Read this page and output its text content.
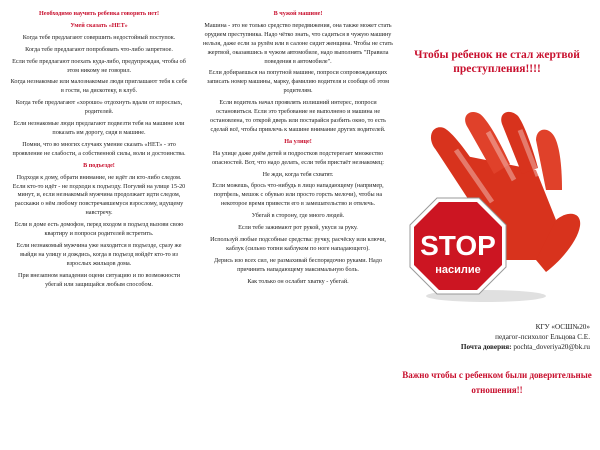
Необходимо научить ребенка говорить нет!

Умей сказать «НЕТ»

Когда тебе предлагают совершить недостойный поступок.

Когда тебе предлагают попробовать что-либо запретное.

Если тебе предлагают поехать куда-либо, предупреждая, чтобы об этом никому не говорил.

Когда незнакомые или малознакомые люди приглашают тебя к себе в гости, на дискотеку, в клуб.

Когда тебе предлагают «хорошо» отдохнуть вдали от взрослых, родителей.

Если незнакомые люди предлагают подвезти тебя на машине или показать им дорогу, сидя в машине.

Помни, что во многих случаях умение сказать «НЕТ» - это проявление не слабости, а собственной силы, воли и достоинства.

В подъезде!

Подходя к дому, обрати внимание, не идёт ли кто-либо следом. Если кто-то идёт - не подходи к подъезду. Погуляй на улице 15-20 минут, и, если незнакомый мужчина продолжает идти следом, расскажи о нём любому повстречавшемуся взрослому, идущему навстречу.

Если в доме есть домофон, перед входом в подъезд вызови свою квартиру и попроси родителей встретить.

Если незнакомый мужчина уже находится в подъезде, сразу же выйди на улицу и дождись, когда в подъезд войдёт кто-то из взрослых жильцов дома.

При внезапном нападении оцени ситуацию и по возможности убегай или защищайся любым способом.

В чужой машине!

Машина - это не только средство передвижения, она также может стать орудием преступника. Надо чётко знать, что садиться в чужую машину нельзя, даже если за рулём или в салоне сидит женщина. Чтобы не стать жертвой, оказавшись в чужом автомобиле, надо выполнять "Правила поведения в автомобиле".

Если добираешься на попутной машине, попроси сопровождающих записать номер машины, марку, фамилию водителя и сообщи об этом родителям.

Если водитель начал проявлять излишний интерес, попроси остановиться. Если это требование не выполнено и машина не остановлена, то открой дверь или постарайся разбить окно, то есть сделай всё, чтобы привлечь к машине внимание других водителей.

На улице!

На улице даже днём детей и подростков подстерегает множество опасностей. Вот, что надо делать, если тебя пристаёт незнакомец:

Не жди, когда тебя схватят.

Если можешь, брось что-нибудь в лицо нападающему (например, портфель, мешок с обувью или просто горсть мелочи), чтобы на некоторое время привести его в замешательство и отвлечь.

Убегай в сторону, где много людей.

Если тебе зажимают рот рукой, укуси за руку.

Используй любые подсобные средства: ручку, расчёску или ключи, каблук (сильно топни каблуком по ноге нападающего).

Дерись изо всех сил, не размахивай беспорядочно руками. Надо причинить нападающему максимальную боль.

Как только он ослабит хватку - убегай.

Чтобы ребенок не стал жертвой преступления!!!!
STOP
насилие

КГУ «ОСШ№20»

педагог-психолог Ельцова С.Е.

Почта доверия: pochta_doveriya20@bk.ru

Важно чтобы с ребенком были доверительные отношения!!
